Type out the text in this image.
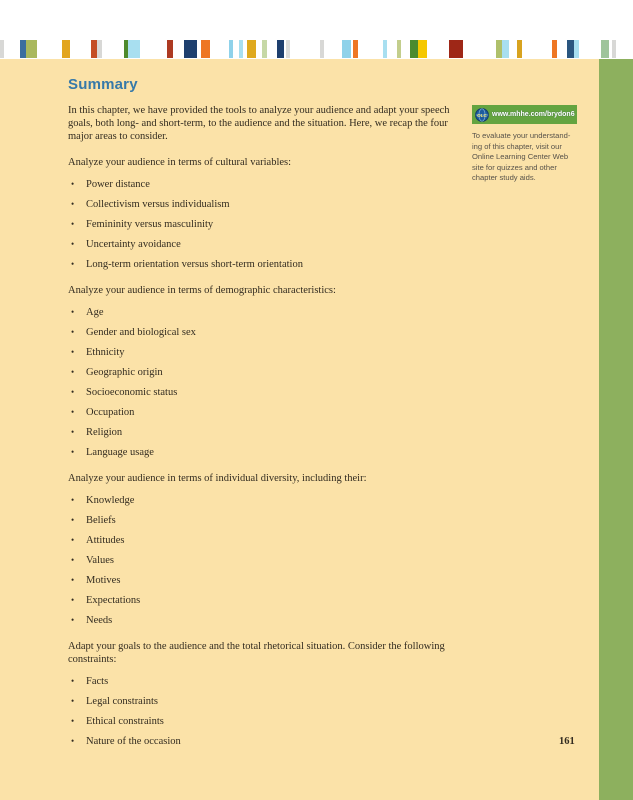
Summary

In this chapter, we have provided the tools to analyze your audience and adapt your speech goals, both long- and short-term, to the audience and the situation. Here, we recap the four major areas to consider.

Analyze your audience in terms of cultural variables:

• Power distance
• Collectivism versus individualism
• Femininity versus masculinity
• Uncertainty avoidance
• Long-term orientation versus short-term orientation

Analyze your audience in terms of demographic characteristics:

• Age
• Gender and biological sex
• Ethnicity
• Geographic origin
• Socioeconomic status
• Occupation
• Religion
• Language usage

Analyze your audience in terms of individual diversity, including their:

• Knowledge
• Beliefs
• Attitudes
• Values
• Motives
• Expectations
• Needs

Adapt your goals to the audience and the total rhetorical situation. Consider the following constraints:

• Facts
• Legal constraints
• Ethical constraints
• Nature of the occasion
OLC www.mhhe.com/brydon6
To evaluate your understand-
ing of this chapter, visit our
Online Learning Center Web
site for quizzes and other
chapter study aids.
161
